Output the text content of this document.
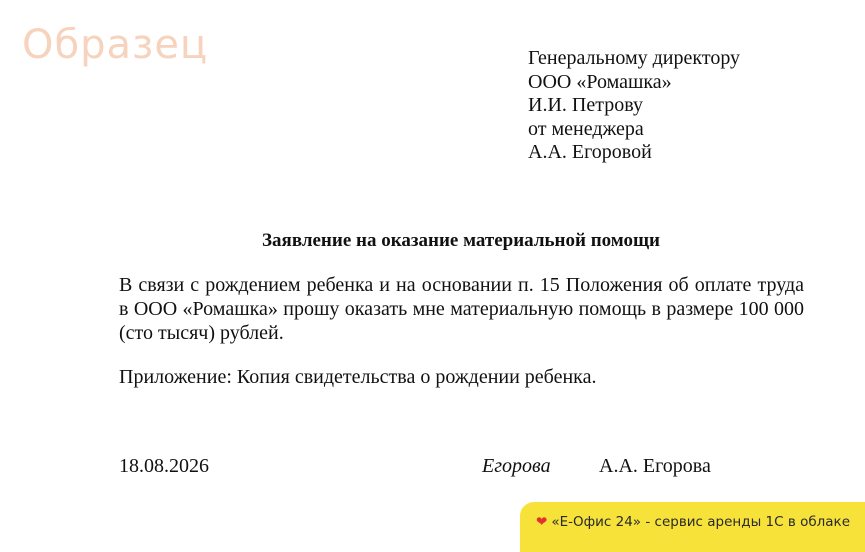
Образец	Генеральному директору
ООО «Ромашка»
И.И. Петрову
от менеджера
А.А. Егоровой
Заявление на оказание материальной помощи
В связи с рождением ребенка и на основании п. 15 Положения об оплате труда в ООО «Ромашка» прошу оказать мне материальную помощь в размере 100 000 (сто тысяч) рублей.
Приложение: Копия свидетельства о рождении ребенка.
18.08.2026	Егорова А.А. Егорова
❤ «Е-Офис 24» - сервис аренды 1С в облаке
